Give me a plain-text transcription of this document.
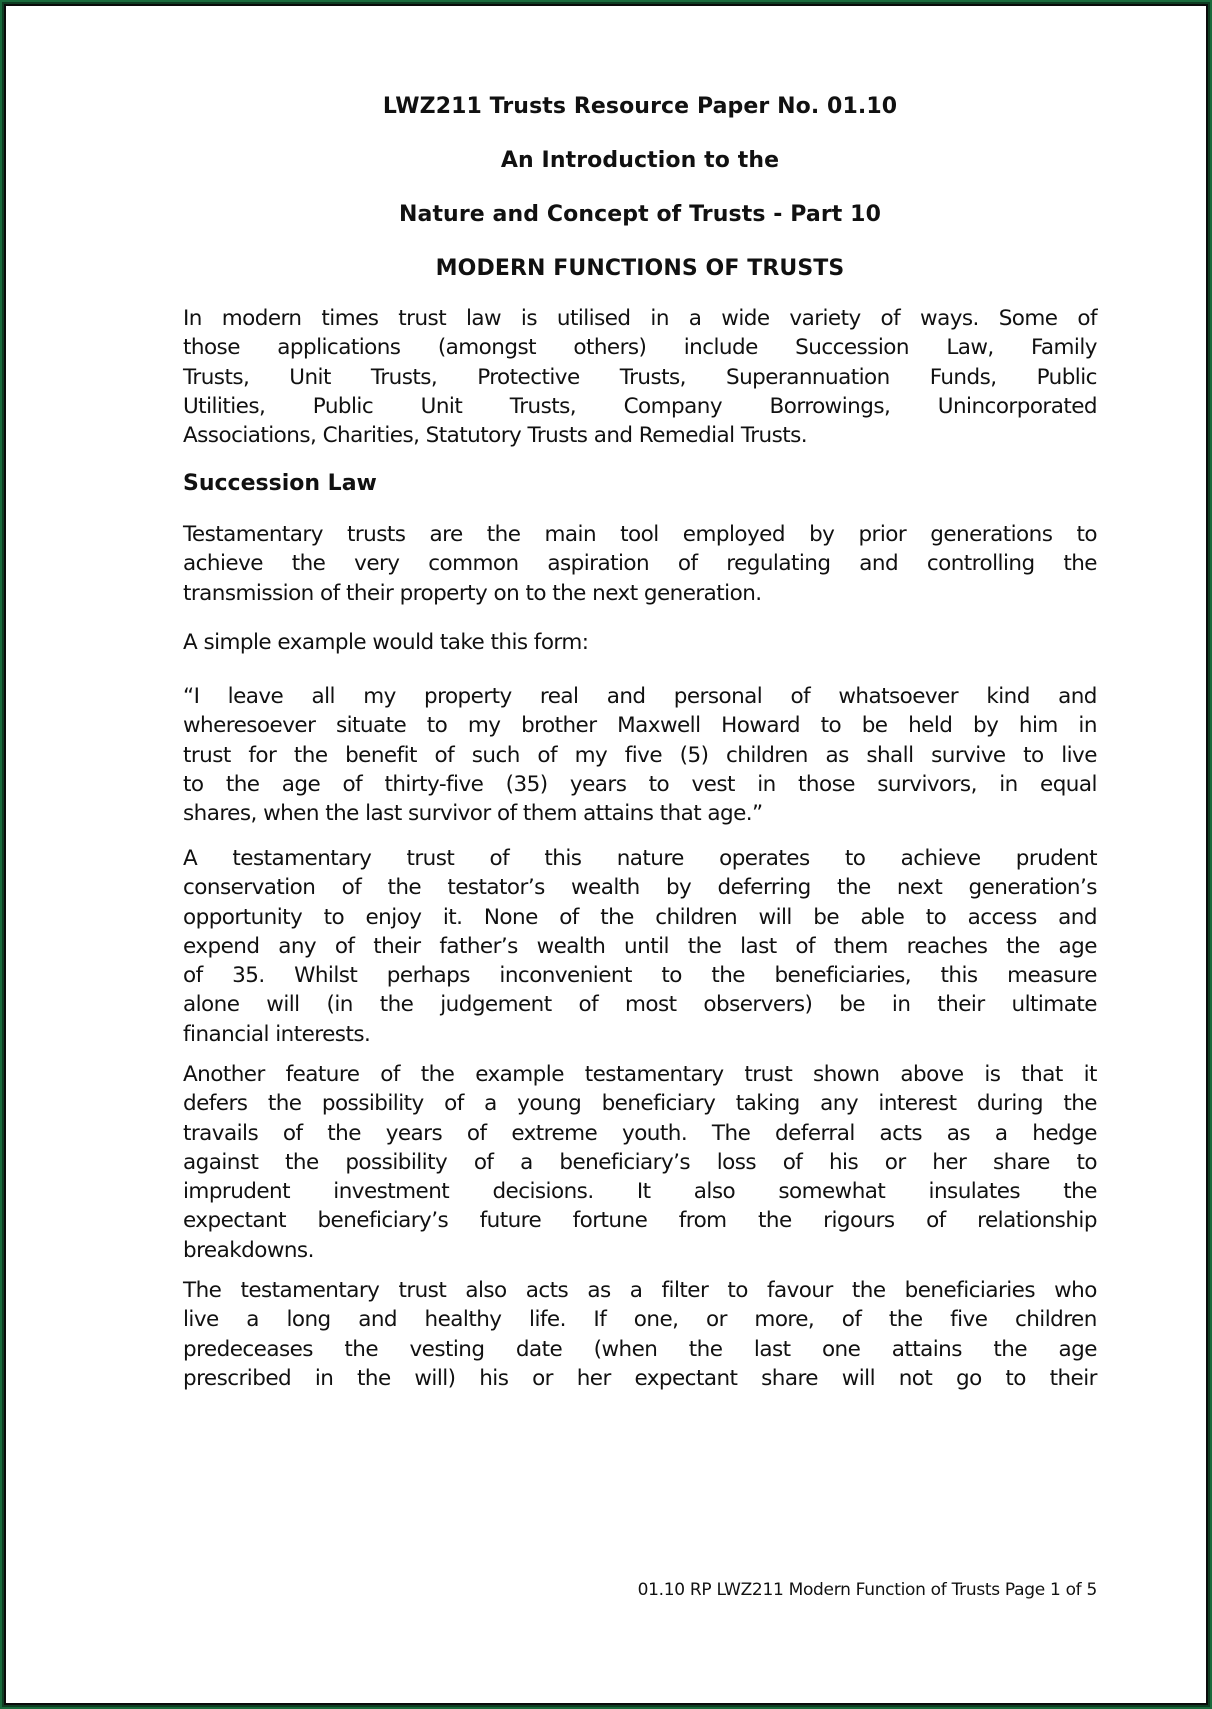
LWZ211 Trusts Resource Paper No. 01.10
An Introduction to the
Nature and Concept of Trusts - Part 10
MODERN FUNCTIONS OF TRUSTS
In modern times trust law is utilised in a wide variety of ways. Some of
those applications (amongst others) include Succession Law, Family
Trusts, Unit Trusts, Protective Trusts, Superannuation Funds, Public
Utilities, Public Unit Trusts, Company Borrowings, Unincorporated
Associations, Charities, Statutory Trusts and Remedial Trusts.
Succession Law
Testamentary trusts are the main tool employed by prior generations to
achieve the very common aspiration of regulating and controlling the
transmission of their property on to the next generation.
A simple example would take this form:
“I leave all my property real and personal of whatsoever kind and
wheresoever situate to my brother Maxwell Howard to be held by him in
trust for the benefit of such of my five (5) children as shall survive to live
to the age of thirty-five (35) years to vest in those survivors, in equal
shares, when the last survivor of them attains that age.”
A testamentary trust of this nature operates to achieve prudent
conservation of the testator’s wealth by deferring the next generation’s
opportunity to enjoy it. None of the children will be able to access and
expend any of their father’s wealth until the last of them reaches the age
of 35. Whilst perhaps inconvenient to the beneficiaries, this measure
alone will (in the judgement of most observers) be in their ultimate
financial interests.
Another feature of the example testamentary trust shown above is that it
defers the possibility of a young beneficiary taking any interest during the
travails of the years of extreme youth. The deferral acts as a hedge
against the possibility of a beneficiary’s loss of his or her share to
imprudent investment decisions. It also somewhat insulates the
expectant beneficiary’s future fortune from the rigours of relationship
breakdowns.
The testamentary trust also acts as a filter to favour the beneficiaries who
live a long and healthy life. If one, or more, of the five children
predeceases the vesting date (when the last one attains the age
prescribed in the will) his or her expectant share will not go to their
01.10 RP LWZ211 Modern Function of Trusts Page 1 of 5
